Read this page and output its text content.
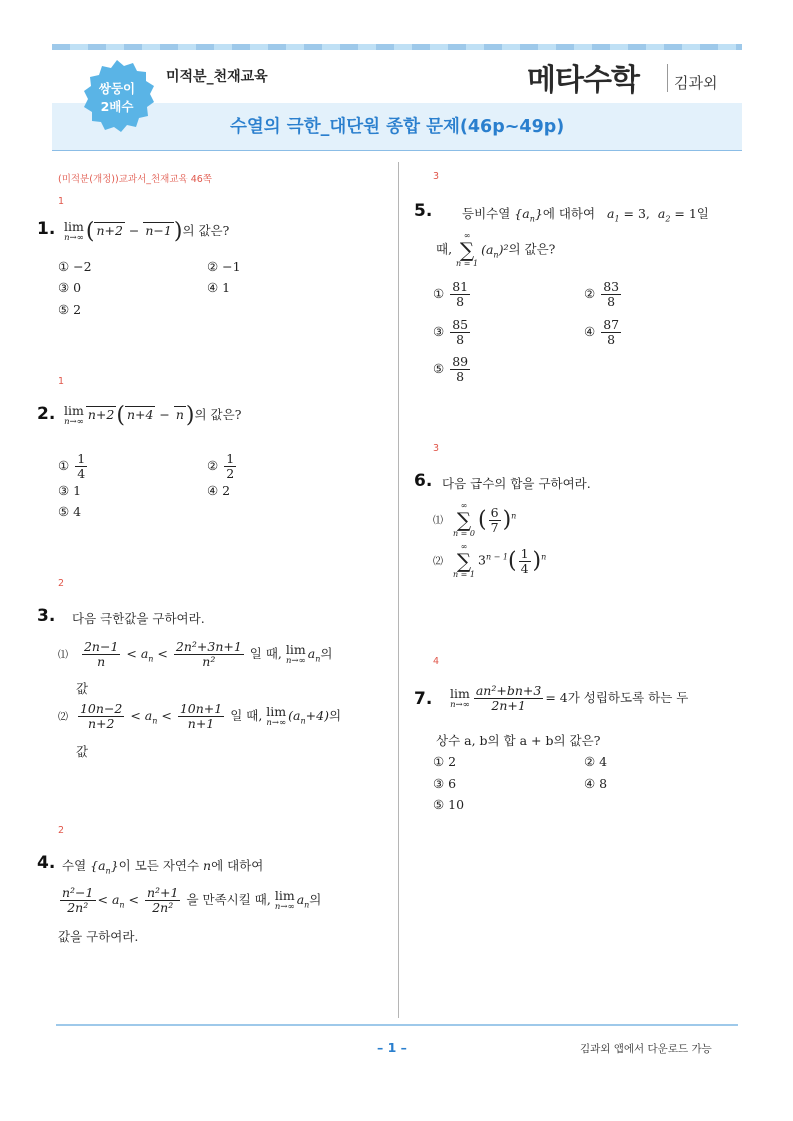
쌍둥이
2배수
미적분_천재교육	메타수학 김과외
수열의 극한_대단원 종합 문제(46p~49p)
(미적분(개정))교과서_천재교육 46쪽
1
1. lim
n→∞ ( n+2 − n−1)의 값은?
① −2	② −1
③ 0	④ 1
⑤ 2
1
2. lim
n→∞ n+2( n+4 − n)의 값은?
① $\frac{1}{4}$	② $\frac{1}{2}$
③ 1	④ 2
⑤ 4
2
3. 다음 극한값을 구하여라.
⑴ $\frac{2n-1}{n} < a_n < \frac{\text{2n²+3n+1}}{\text{n²}}$ 일 때, lim
n→∞ $a_n$의
값
⑵ $\frac{10n-2}{n+2} < a_n < \frac{10n+1}{n+1}$ 일 때, lim
n→∞ $(a_n+4)$의
값
2
4. 수열 $\{a_n\}$이 모든 자연수 n에 대하여
$\frac{\text{n²−1}}{\text{2n²}} < a_n < \frac{\text{n²+1}}{\text{2n²}}$ 을 만족시킬 때, lim
n→∞ $a_n$의
값을 구하여라.
3
5. 등비수열 $\{a_n\}$에 대하여 $a_1 = 3$,  $a_2 = 1$일
때,
∞
∑
n = 1
$(a_n)^2$의 값은?
① $\frac{81}{8}$	② $\frac{83}{8}$
③ $\frac{85}{8}$	④ $\frac{87}{8}$
⑤ $\frac{89}{8}$
3
6. 다음 급수의 합을 구하여라.
⑴
∞
∑
n = 0
( $\frac{6}{7} )^n$
⑵
∞
∑
n = 1
$3^{n - 1}( \frac{1}{4} )^n$
4
7. lim
$n\to\infty \frac{\text{an²+bn+3}}{2n+1} = 4$가 성립하도록 하는 두
상수 a, b의 합 a + b의 값은?
① 2	② 4
③ 6	④ 8
⑤ 10
– 1 –	김과외 앱에서 다운로드 가능
